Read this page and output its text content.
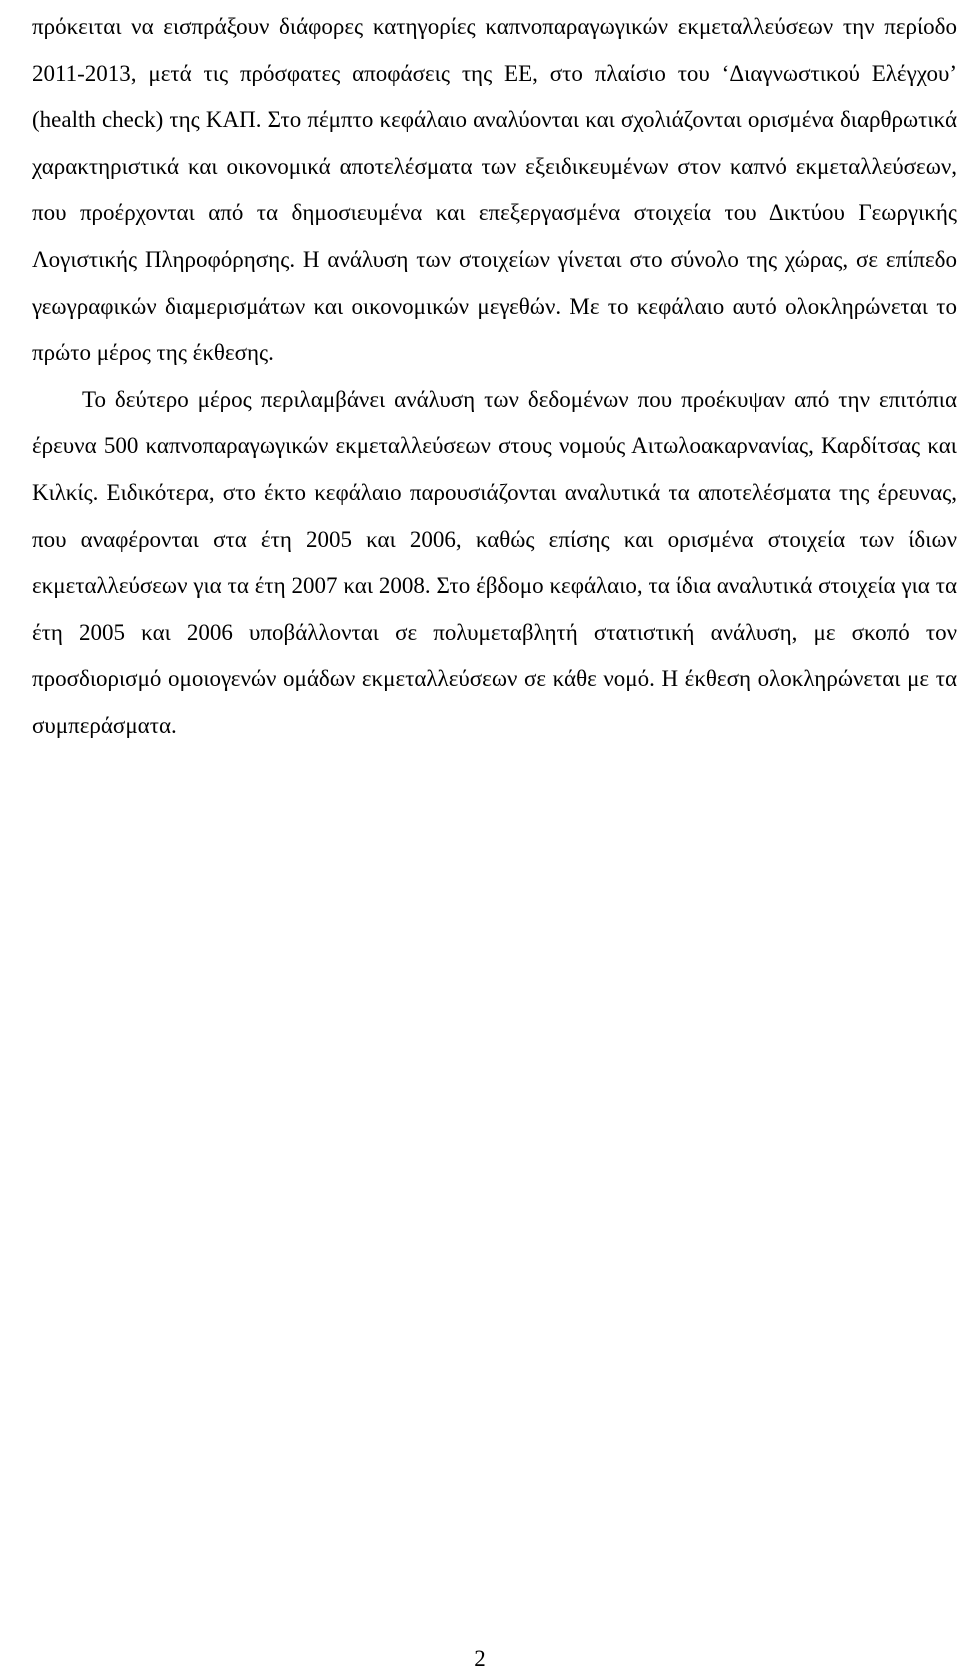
πρόκειται να εισπράξουν διάφορες κατηγορίες καπνοπαραγωγικών εκμεταλλεύσεων την περίοδο 2011-2013, μετά τις πρόσφατες αποφάσεις της ΕΕ, στο πλαίσιο του ‘Διαγνωστικού Ελέγχου’ (health check) της ΚΑΠ. Στο πέμπτο κεφάλαιο αναλύονται και σχολιάζονται ορισμένα διαρθρωτικά χαρακτηριστικά και οικονομικά αποτελέσματα των εξειδικευμένων στον καπνό εκμεταλλεύσεων, που προέρχονται από τα δημοσιευμένα και επεξεργασμένα στοιχεία του Δικτύου Γεωργικής Λογιστικής Πληροφόρησης. Η ανάλυση των στοιχείων γίνεται στο σύνολο της χώρας, σε επίπεδο γεωγραφικών διαμερισμάτων και οικονομικών μεγεθών. Με το κεφάλαιο αυτό ολοκληρώνεται το πρώτο μέρος της έκθεσης.

Το δεύτερο μέρος περιλαμβάνει ανάλυση των δεδομένων που προέκυψαν από την επιτόπια έρευνα 500 καπνοπαραγωγικών εκμεταλλεύσεων στους νομούς Αιτωλοακαρνανίας, Καρδίτσας και Κιλκίς. Ειδικότερα, στο έκτο κεφάλαιο παρουσιάζονται αναλυτικά τα αποτελέσματα της έρευνας, που αναφέρονται στα έτη 2005 και 2006, καθώς επίσης και ορισμένα στοιχεία των ίδιων εκμεταλλεύσεων για τα έτη 2007 και 2008. Στο έβδομο κεφάλαιο, τα ίδια αναλυτικά στοιχεία για τα έτη 2005 και 2006 υποβάλλονται σε πολυμεταβλητή στατιστική ανάλυση, με σκοπό τον προσδιορισμό ομοιογενών ομάδων εκμεταλλεύσεων σε κάθε νομό. Η έκθεση ολοκληρώνεται με τα συμπεράσματα.

2
